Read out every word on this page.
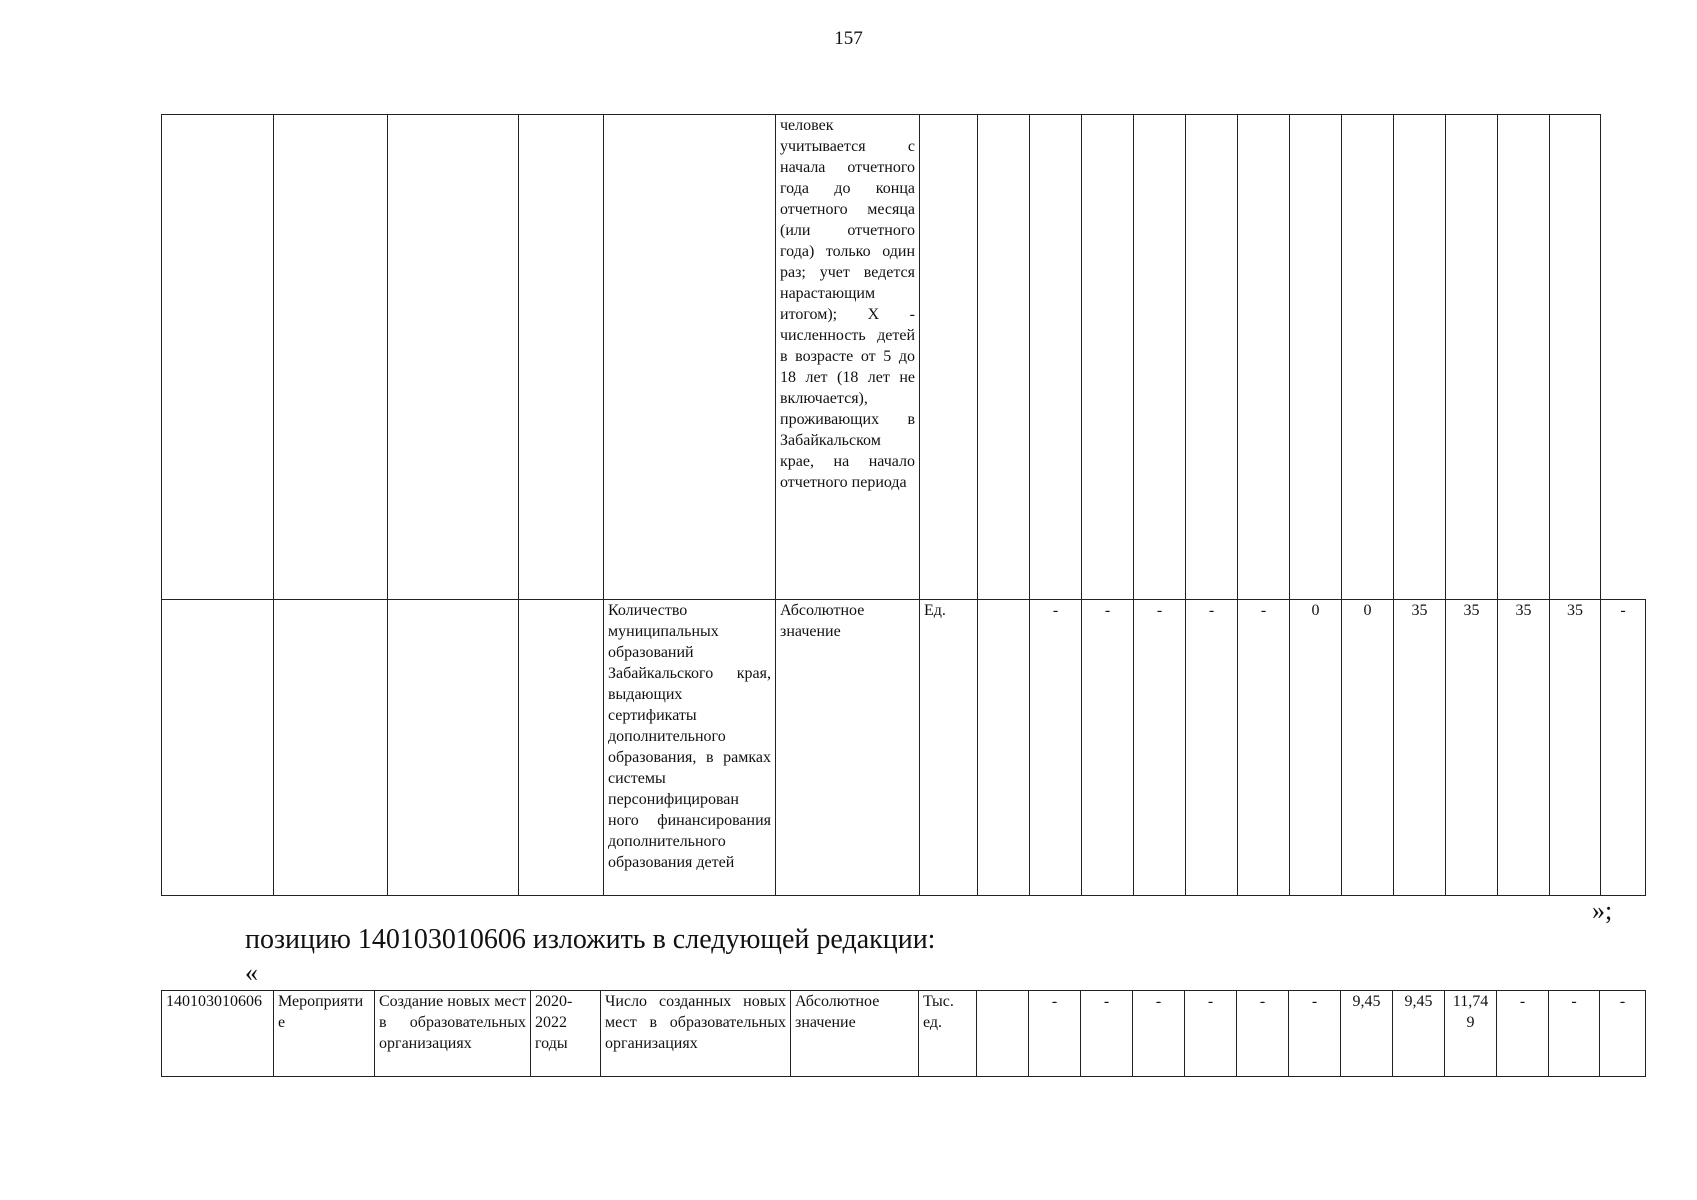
157
					человек учитывается с начала отчетного года до конца отчетного месяца (или отчетного года) только один раз; учет ведется нарастающим итогом); X - численность детей в возрасте от 5 до 18 лет (18 лет не включается), проживающих в Забайкальском крае, на начало отчетного периода														
				Количество муниципальных образований Забайкальского края, выдающих сертификаты дополнительного образования, в рамках системы персонифицирован ного финансирования дополнительного образования детей	Абсолютное значение	Ед.		-	-	-	-	-	0	0	35	35	35	35	-
»;
позицию 140103010606 изложить в следующей редакции:
«
140103010606	Мероприятие	Создание новых мест в образовательных организациях	2020-2022 годы	Число созданных новых мест в образовательных организациях	Абсолютное значение	Тыс. ед.		-	-	-	-	-	-	9,45	9,45	11,749	-	-	-
